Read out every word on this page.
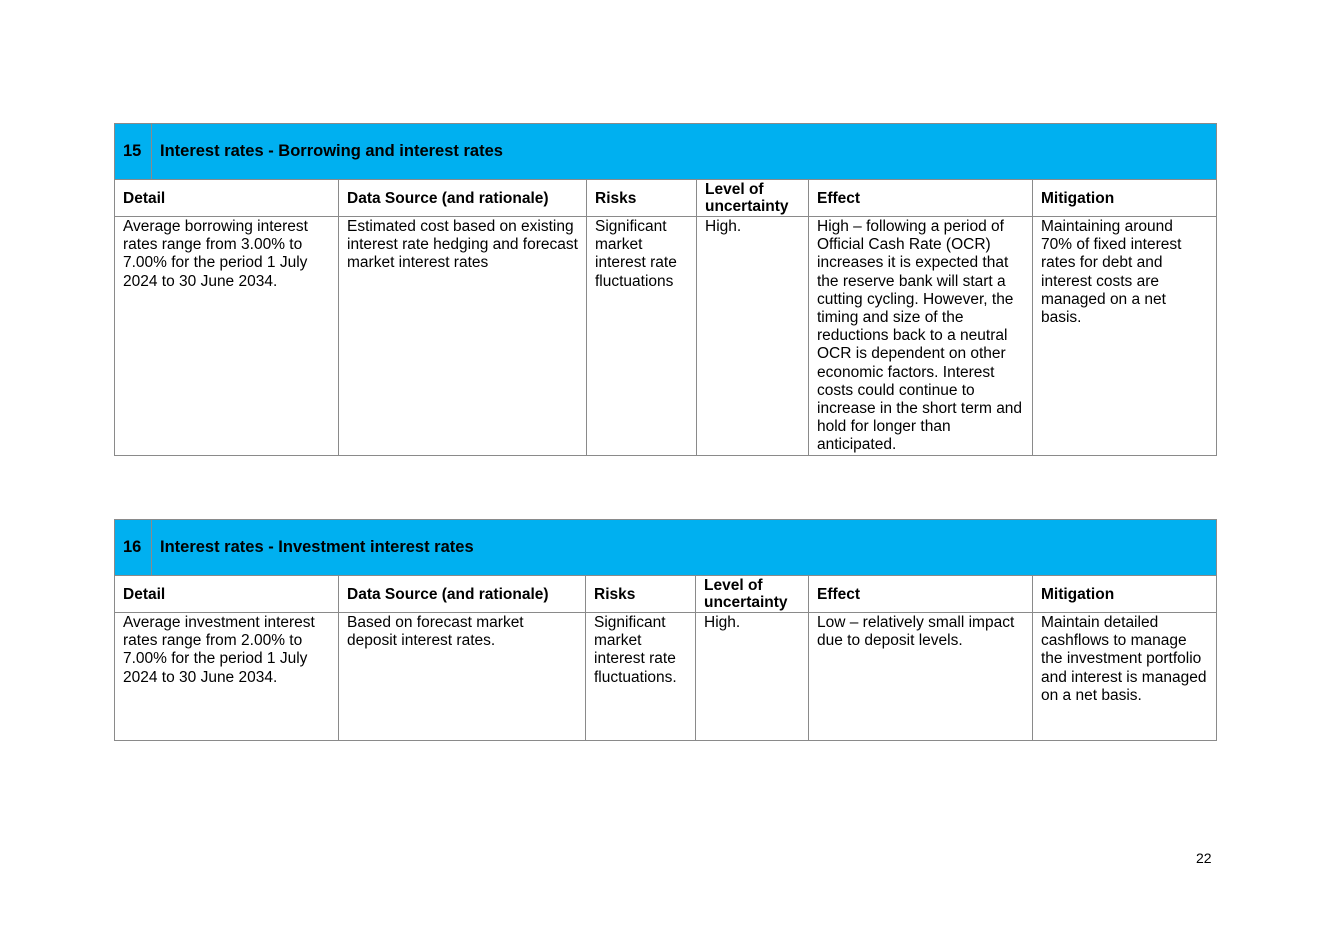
15	Interest rates - Borrowing and interest rates					
Detail		Data Source (and rationale)	Risks	Level of uncertainty	Effect	Mitigation
Average borrowing interest rates range from 3.00% to 7.00% for the period 1 July 2024 to 30 June 2034.		Estimated cost based on existing interest rate hedging and forecast market interest rates	Significant market interest rate fluctuations	High.	High – following a period of Official Cash Rate (OCR) increases it is expected that the reserve bank will start a cutting cycling. However, the timing and size of the reductions back to a neutral OCR is dependent on other economic factors. Interest costs could continue to increase in the short term and hold for longer than anticipated.	Maintaining around 70% of fixed interest rates for debt and interest costs are managed on a net basis.
16	Interest rates - Investment interest rates					
Detail		Data Source (and rationale)	Risks	Level of uncertainty	Effect	Mitigation
Average investment interest rates range from 2.00% to 7.00% for the period 1 July 2024 to 30 June 2034.		Based on forecast market deposit interest rates.	Significant market interest rate fluctuations.	High.	Low – relatively small impact due to deposit levels.	Maintain detailed cashflows to manage the investment portfolio and interest is managed on a net basis.
22
